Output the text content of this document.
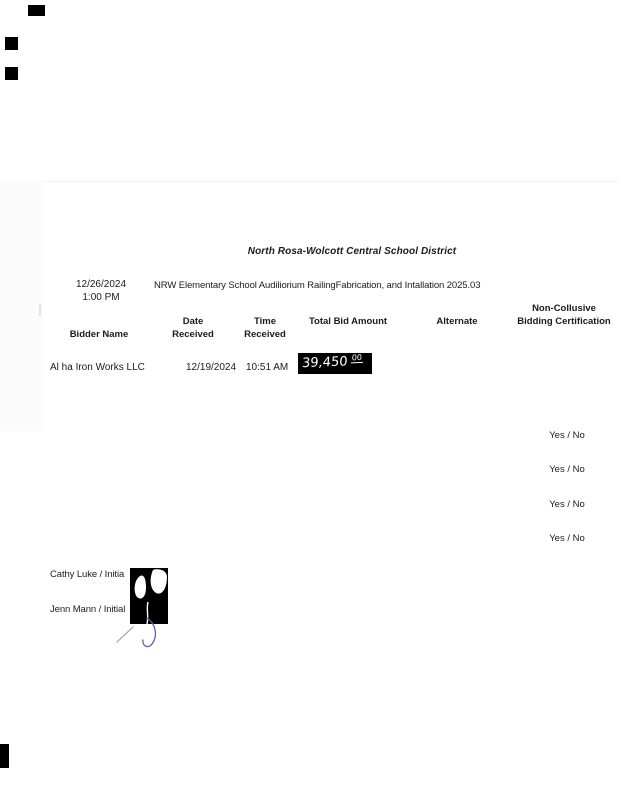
North Rosa-Wolcott Central School District
12/26/2024
1:00 PM
NRW Elementary School Audiliorium RailingFabrication, and Intallation 2025.03
Bidder Name
Date
Received
Time
Received
Total Bid Amount	Alternate
Non-Collusive
Bidding Certification
Al ha Iron Works LLC	12/19/2024 10:51 AM 39,450 $^{00}$
Yes / No
Yes / No
Yes / No
Yes / No
Cathy Luke / Initia
Jenn Mann / Initial
